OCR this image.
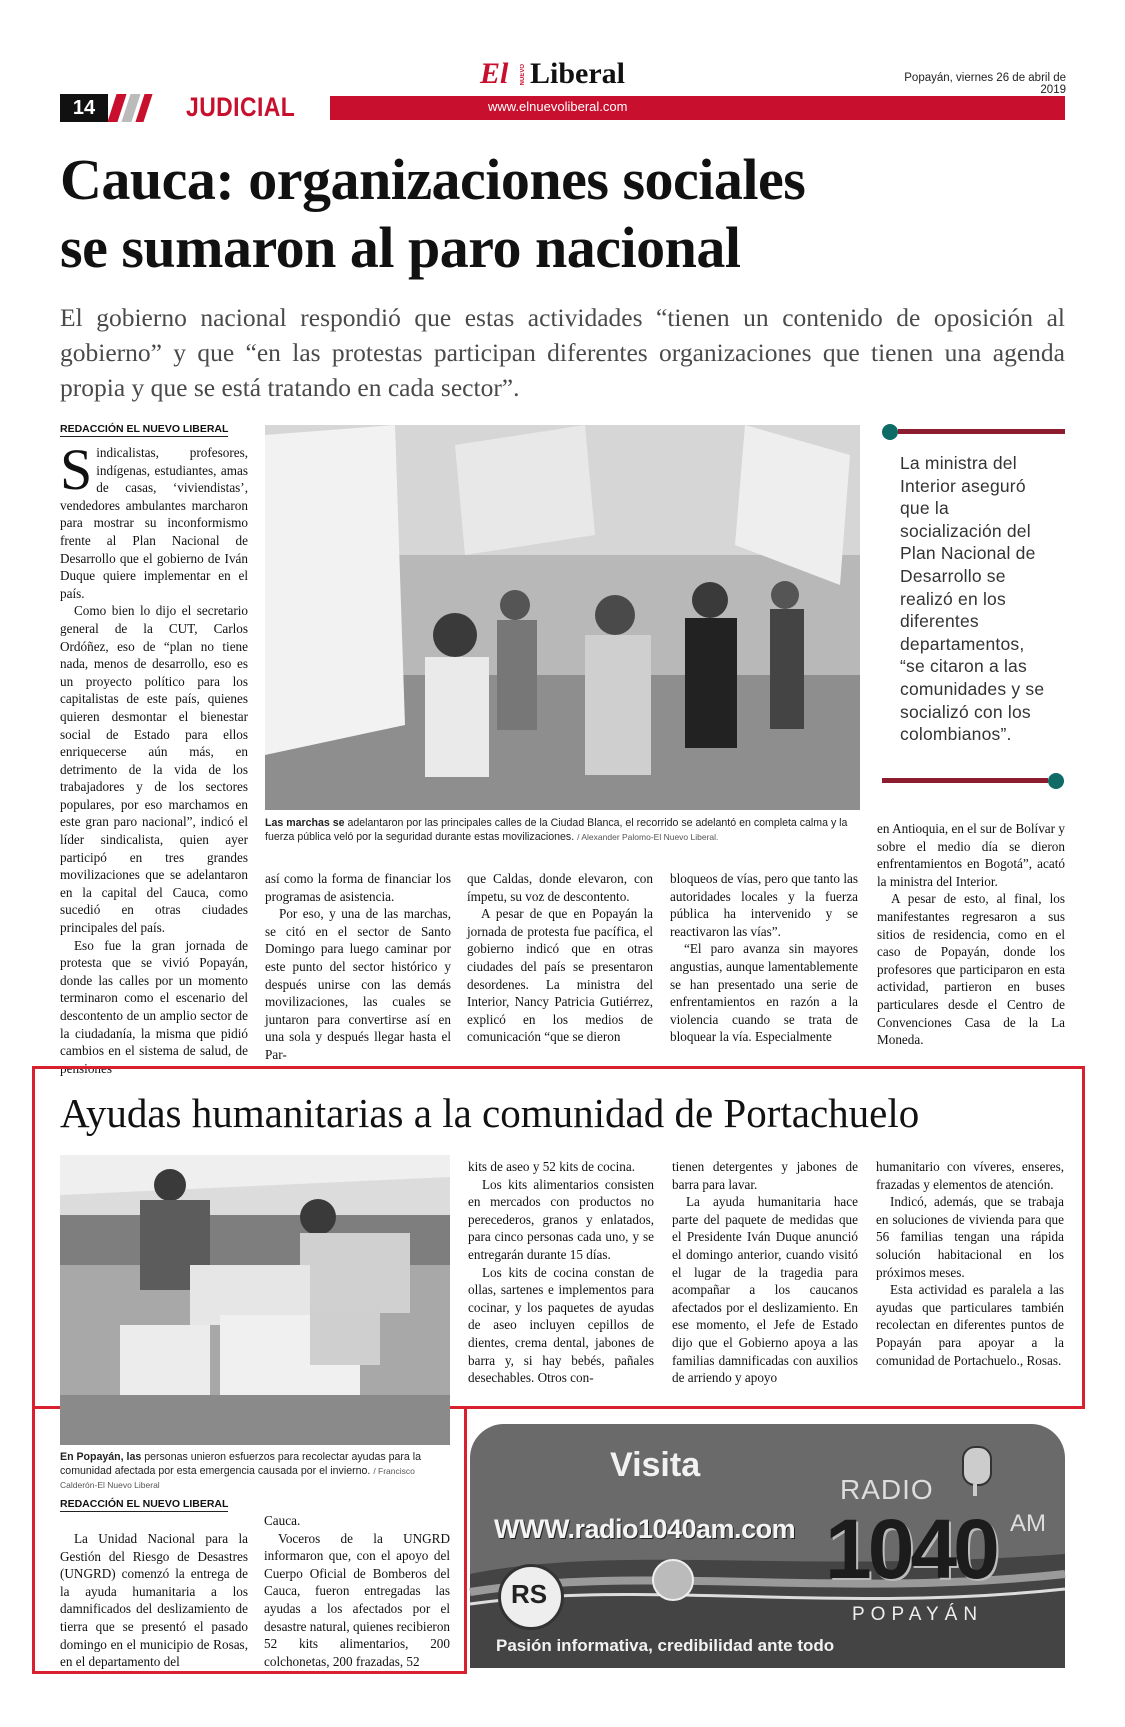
El NUEVO Liberal	Popayán, viernes 26 de abril de 2019
14	JUDICIAL	www.elnuevoliberal.com
Cauca: organizaciones sociales
se sumaron al paro nacional
El gobierno nacional respondió que estas actividades “tienen un contenido de oposición al gobierno” y que “en las protestas participan diferentes organizaciones que tienen una agenda propia y que se está tratando en cada sector”.
REDACCIÓN EL NUEVO LIBERAL

Sindicalistas, profesores, indígenas, estudiantes, amas de casas, ‘viviendistas’, vendedores ambulantes marcharon para mostrar su inconformismo frente al Plan Nacional de Desarrollo que el gobierno de Iván Duque quiere implementar en el país.

Como bien lo dijo el secretario general de la CUT, Carlos Ordóñez, eso de “plan no tiene nada, menos de desarrollo, eso es un proyecto político para los capitalistas de este país, quienes quieren desmontar el bienestar social de Estado para ellos enriquecerse aún más, en detrimento de la vida de los trabajadores y de los sectores populares, por eso marchamos en este gran paro nacional”, indicó el líder sindicalista, quien ayer participó en tres grandes movilizaciones que se adelantaron en la capital del Cauca, como sucedió en otras ciudades principales del país.

Eso fue la gran jornada de protesta que se vivió Popayán, donde las calles por un momento terminaron como el escenario del descontento de un amplio sector de la ciudadanía, la misma que pidió cambios en el sistema de salud, de pensiones

Las marchas se adelantaron por las principales calles de la Ciudad Blanca, el recorrido se adelantó en completa calma y la fuerza pública veló por la seguridad durante estas movilizaciones. / Alexander Palomo-El Nuevo Liberal.

así como la forma de financiar los programas de asistencia.

Por eso, y una de las marchas, se citó en el sector de Santo Domingo para luego caminar por este punto del sector histórico y después unirse con las demás movilizaciones, las cuales se juntaron para convertirse así en una sola y después llegar hasta el Par-

que Caldas, donde elevaron, con ímpetu, su voz de descontento.

A pesar de que en Popayán la jornada de protesta fue pacífica, el gobierno indicó que en otras ciudades del país se presentaron desordenes. La ministra del Interior, Nancy Patricia Gutiérrez, explicó en los medios de comunicación “que se dieron

bloqueos de vías, pero que tanto las autoridades locales y la fuerza pública ha intervenido y se reactivaron las vías”.

“El paro avanza sin mayores angustias, aunque lamentablemente se han presentado una serie de enfrentamientos en razón a la violencia cuando se trata de bloquear la vía. Especialmente

La ministra del Interior aseguró que la socialización del Plan Nacional de Desarrollo se realizó en los diferentes departamentos, “se citaron a las comunidades y se socializó con los colombianos”.

en Antioquia, en el sur de Bolívar y sobre el medio día se dieron enfrentamientos en Bogotá”, acató la ministra del Interior.

A pesar de esto, al final, los manifestantes regresaron a sus sitios de residencia, como en el caso de Popayán, donde los profesores que participaron en esta actividad, partieron en buses particulares desde el Centro de Convenciones Casa de la La Moneda.

Ayudas humanitarias a la comunidad de Portachuelo
En Popayán, las personas unieron esfuerzos para recolectar ayudas para la comunidad afectada por esta emergencia causada por el invierno. / Francisco Calderón-El Nuevo Liberal
REDACCIÓN EL NUEVO LIBERAL

La Unidad Nacional para la Gestión del Riesgo de Desastres (UNGRD) comenzó la entrega de la ayuda humanitaria a los damnificados del deslizamiento de tierra que se presentó el pasado domingo en el municipio de Rosas, en el departamento del

Cauca.

Voceros de la UNGRD informaron que, con el apoyo del Cuerpo Oficial de Bomberos del Cauca, fueron entregadas las ayudas a los afectados por el desastre natural, quienes recibieron 52 kits alimentarios, 200 colchonetas, 200 frazadas, 52

kits de aseo y 52 kits de cocina.

Los kits alimentarios consisten en mercados con productos no perecederos, granos y enlatados, para cinco personas cada uno, y se entregarán durante 15 días.

Los kits de cocina constan de ollas, sartenes e implementos para cocinar, y los paquetes de ayudas de aseo incluyen cepillos de dientes, crema dental, jabones de barra y, si hay bebés, pañales desechables. Otros con-

tienen detergentes y jabones de barra para lavar.

La ayuda humanitaria hace parte del paquete de medidas que el Presidente Iván Duque anunció el domingo anterior, cuando visitó el lugar de la tragedia para acompañar a los caucanos afectados por el deslizamiento. En ese momento, el Jefe de Estado dijo que el Gobierno apoya a las familias damnificadas con auxilios de arriendo y apoyo

humanitario con víveres, enseres, frazadas y elementos de atención.

Indicó, además, que se trabaja en soluciones de vivienda para que 56 familias tengan una rápida solución habitacional en los próximos meses.

Esta actividad es paralela a las ayudas que particulares también recolectan en diferentes puntos de Popayán para apoyar a la comunidad de Portachuelo., Rosas.

Visita
WWW.radio1040am.com
RADIO
1040 AM
POPAYÁN
RS
Pasión informativa, credibilidad ante todo
